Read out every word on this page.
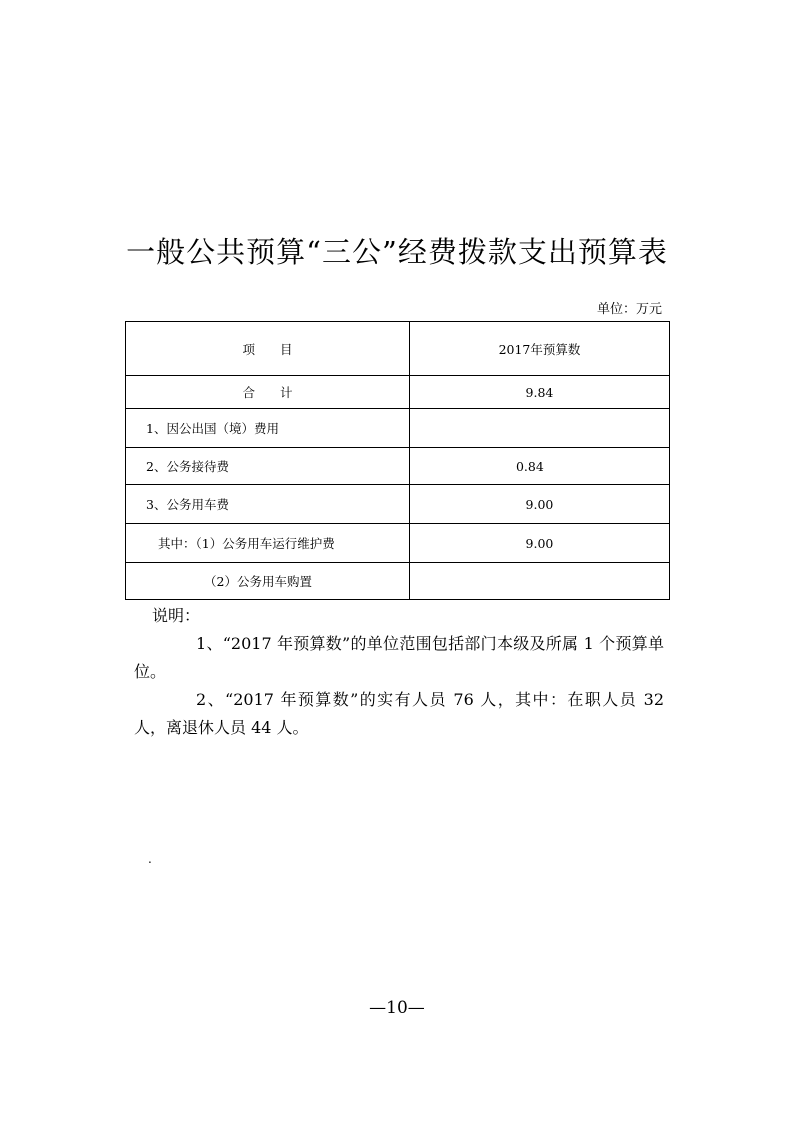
一般公共预算“三公”经费拨款支出预算表
单位：万元
项　　目	2017年预算数
合　　计	9.84
1、因公出国（境）费用	
2、公务接待费	0.84
3、公务用车费	9.00
其中：（1）公务用车运行维护费	9.00
（2）公务用车购置	
说明：

1、“2017 年预算数”的单位范围包括部门本级及所属 1 个预算单位。

2、“2017 年预算数”的实有人员 76 人，其中：在职人员 32 人，离退休人员 44 人。

.
—10—
